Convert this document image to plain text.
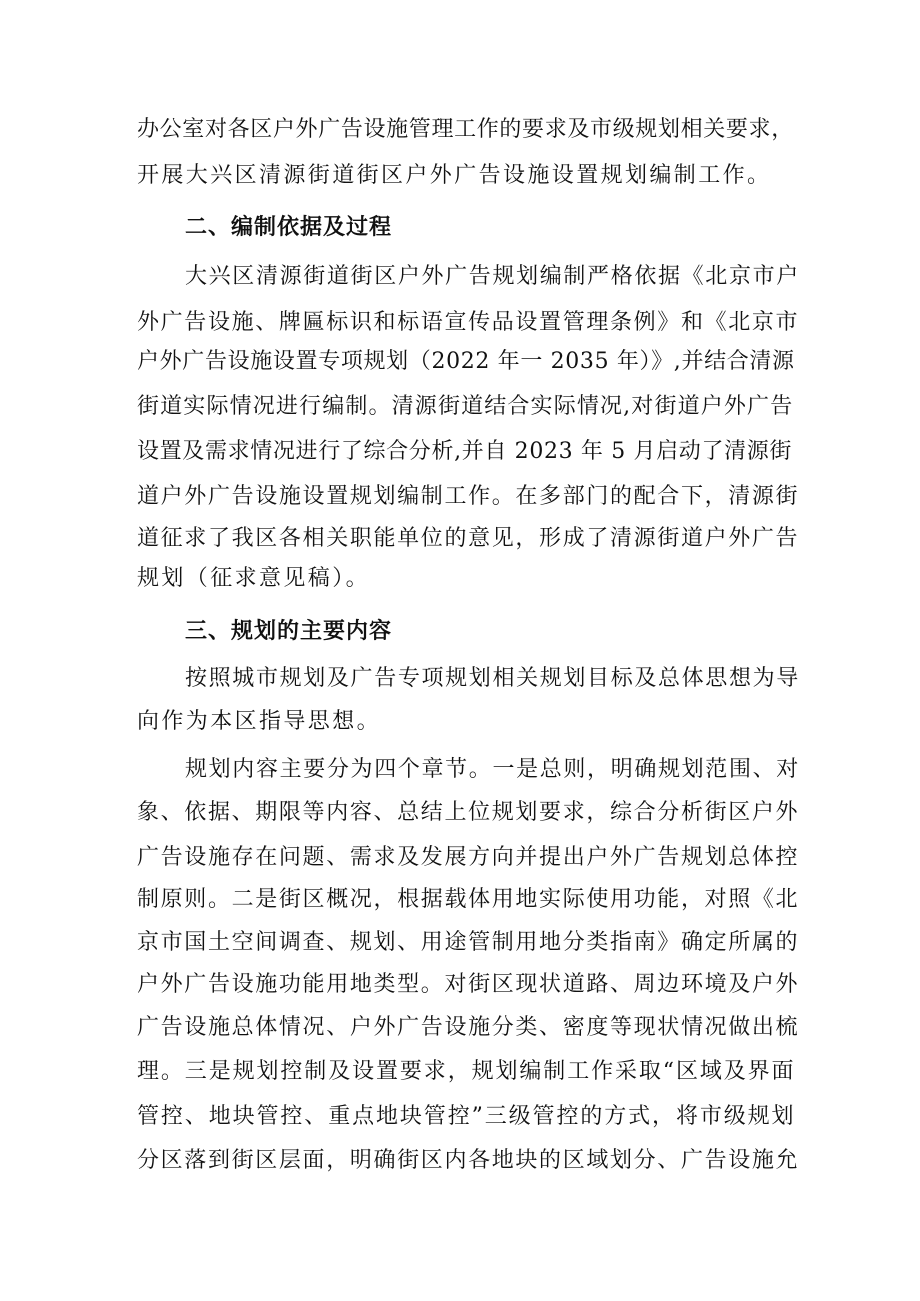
办公室对各区户外广告设施管理工作的要求及市级规划相关要求，
开展大兴区清源街道街区户外广告设施设置规划编制工作。
二、编制依据及过程
大兴区清源街道街区户外广告规划编制严格依据《北京市户
外广告设施、牌匾标识和标语宣传品设置管理条例》和《北京市
户外广告设施设置专项规划（2022 年一 2035 年）》,并结合清源
街道实际情况进行编制。清源街道结合实际情况,对街道户外广告
设置及需求情况进行了综合分析,并自 2023 年 5 月启动了清源街
道户外广告设施设置规划编制工作。在多部门的配合下，清源街
道征求了我区各相关职能单位的意见，形成了清源街道户外广告
规划（征求意见稿）。
三、规划的主要内容
按照城市规划及广告专项规划相关规划目标及总体思想为导
向作为本区指导思想。
规划内容主要分为四个章节。一是总则，明确规划范围、对
象、依据、期限等内容、总结上位规划要求，综合分析街区户外
广告设施存在问题、需求及发展方向并提出户外广告规划总体控
制原则。二是街区概况，根据载体用地实际使用功能，对照《北
京市国土空间调查、规划、用途管制用地分类指南》确定所属的
户外广告设施功能用地类型。对街区现状道路、周边环境及户外
广告设施总体情况、户外广告设施分类、密度等现状情况做出梳
理。三是规划控制及设置要求，规划编制工作采取“区域及界面
管控、地块管控、重点地块管控”三级管控的方式，将市级规划
分区落到街区层面，明确街区内各地块的区域划分、广告设施允
